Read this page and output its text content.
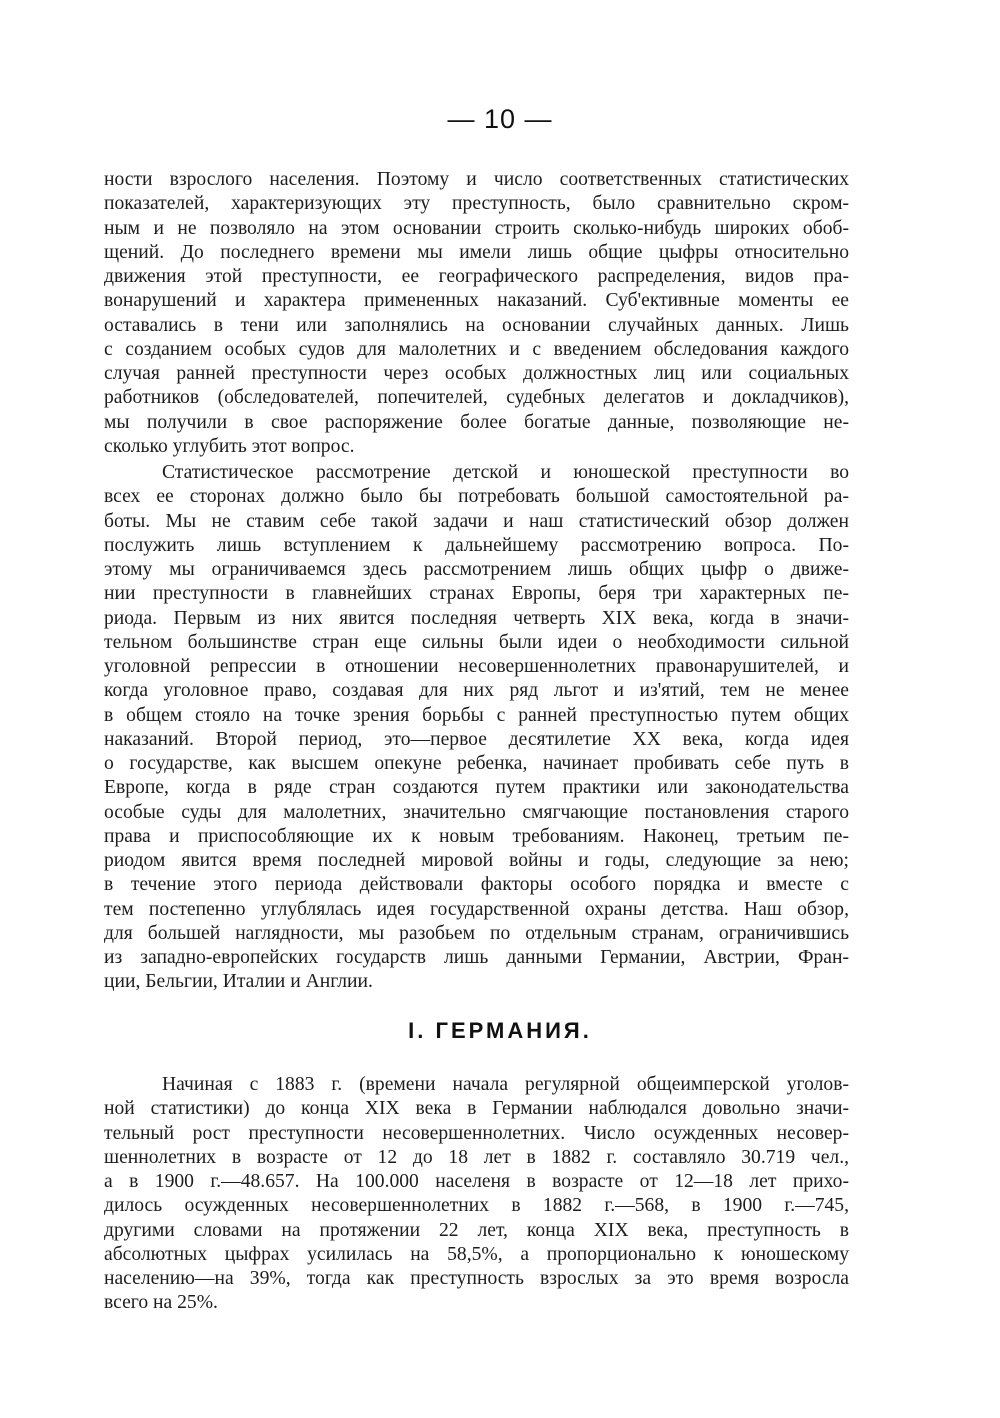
— 10 —
ности взрослого населения. Поэтому и число соответственных статистических
показателей, характеризующих эту преступность, было сравнительно скром-
ным и не позволяло на этом основании строить сколько-нибудь широких обоб-
щений. До последнего времени мы имели лишь общие цыфры относительно
движения этой преступности, ее географического распределения, видов пра-
вонарушений и характера примененных наказаний. Суб'ективные моменты ее
оставались в тени или заполнялись на основании случайных данных. Лишь
с созданием особых судов для малолетних и с введением обследования каждого
случая ранней преступности через особых должностных лиц или социальных
работников (обследователей, попечителей, судебных делегатов и докладчиков),
мы получили в свое распоряжение более богатые данные, позволяющие не-
сколько углубить этот вопрос.
Статистическое рассмотрение детской и юношеской преступности во
всех ее сторонах должно было бы потребовать большой самостоятельной ра-
боты. Мы не ставим себе такой задачи и наш статистический обзор должен
послужить лишь вступлением к дальнейшему рассмотрению вопроса. По-
этому мы ограничиваемся здесь рассмотрением лишь общих цыфр о движе-
нии преступности в главнейших странах Европы, беря три характерных пе-
риода. Первым из них явится последняя четверть XIX века, когда в значи-
тельном большинстве стран еще сильны были идеи о необходимости сильной
уголовной репрессии в отношении несовершеннолетних правонарушителей, и
когда уголовное право, создавая для них ряд льгот и из'ятий, тем не менее
в общем стояло на точке зрения борьбы с ранней преступностью путем общих
наказаний. Второй период, это—первое десятилетие XX века, когда идея
о государстве, как высшем опекуне ребенка, начинает пробивать себе путь в
Европе, когда в ряде стран создаются путем практики или законодательства
особые суды для малолетних, значительно смягчающие постановления старого
права и приспособляющие их к новым требованиям. Наконец, третьим пе-
риодом явится время последней мировой войны и годы, следующие за нею;
в течение этого периода действовали факторы особого порядка и вместе с
тем постепенно углублялась идея государственной охраны детства. Наш обзор,
для большей наглядности, мы разобьем по отдельным странам, ограничившись
из западно-европейских государств лишь данными Германии, Австрии, Фран-
ции, Бельгии, Италии и Англии.
I. ГЕРМАНИЯ.
Начиная с 1883 г. (времени начала регулярной общеимперской уголов-
ной статистики) до конца XIX века в Германии наблюдался довольно значи-
тельный рост преступности несовершеннолетних. Число осужденных несовер-
шеннолетних в возрасте от 12 до 18 лет в 1882 г. составляло 30.719 чел.,
а в 1900 г.—48.657. На 100.000 населеня в возрасте от 12—18 лет прихо-
дилось осужденных несовершеннолетних в 1882 г.—568, в 1900 г.—745,
другими словами на протяжении 22 лет, конца XIX века, преступность в
абсолютных цыфрах усилилась на 58,5%, а пропорционально к юношескому
населению—на 39%, тогда как преступность взрослых за это время возросла
всего на 25%.
